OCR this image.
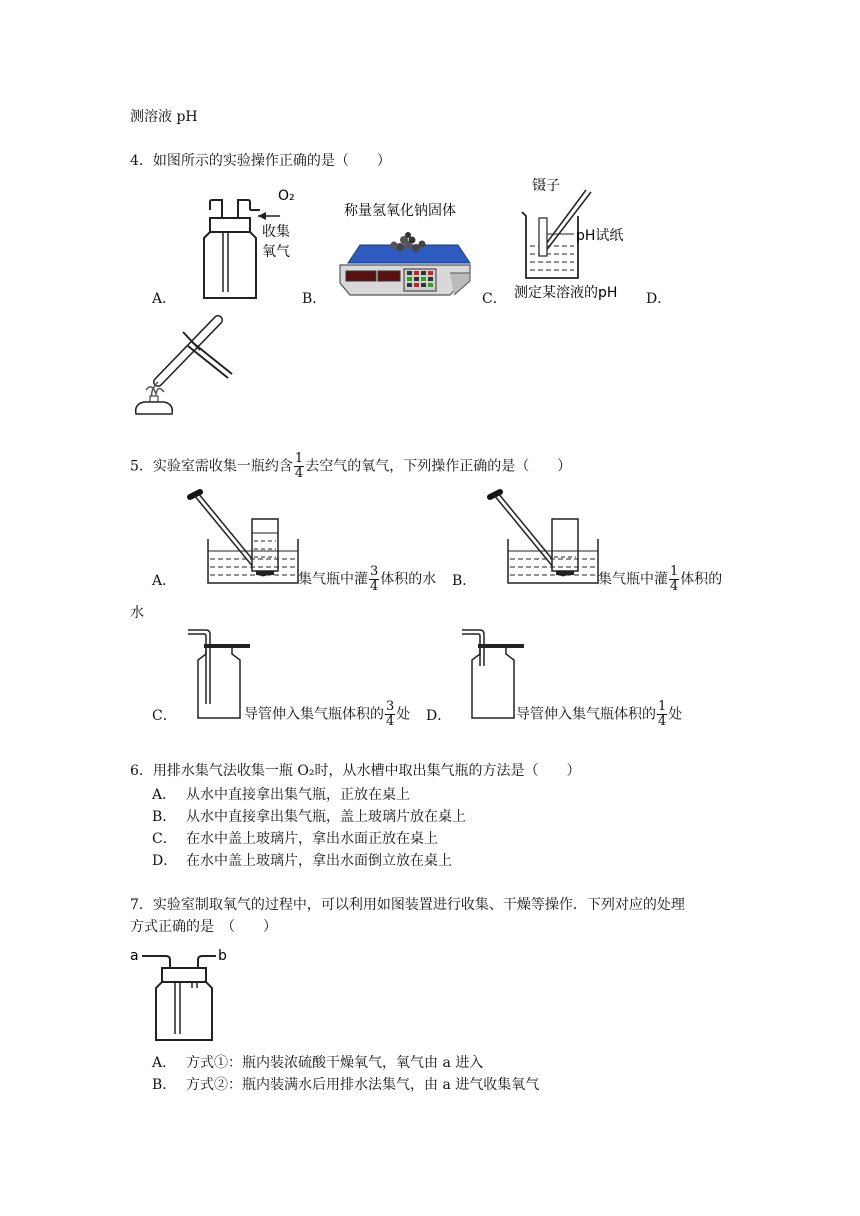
测溶液 pH
4．如图所示的实验操作正确的是（　　）
A．
O₂
收集
氧气
B．
称量氢氧化钠固体
C．
镊子
pH试纸
测定某溶液的pH D．
5．实验室需收集一瓶约含 $\frac{1}{4}$ 去空气的氧气，下列操作正确的是（　　）
A．	集气瓶中灌 $\frac{3}{4}$ 体积的水 B．	集气瓶中灌 $\frac{1}{4}$ 体积的
水
C．	导管伸入集气瓶体积的 $\frac{3}{4}$ 处 D．	导管伸入集气瓶体积的 $\frac{1}{4}$ 处
6．用排水集气法收集一瓶 O₂时，从水槽中取出集气瓶的方法是（　　）
A． 从水中直接拿出集气瓶，正放在桌上
B． 从水中直接拿出集气瓶，盖上玻璃片放在桌上
C． 在水中盖上玻璃片，拿出水面正放在桌上
D． 在水中盖上玻璃片，拿出水面倒立放在桌上
7．实验室制取氧气的过程中，可以利用如图装置进行收集、干燥等操作．下列对应的处理
方式正确的是　（　　）
a	b
A． 方式①：瓶内装浓硫酸干燥氧气，氧气由 a 进入
B． 方式②：瓶内装满水后用排水法集气，由 a 进气收集氧气
